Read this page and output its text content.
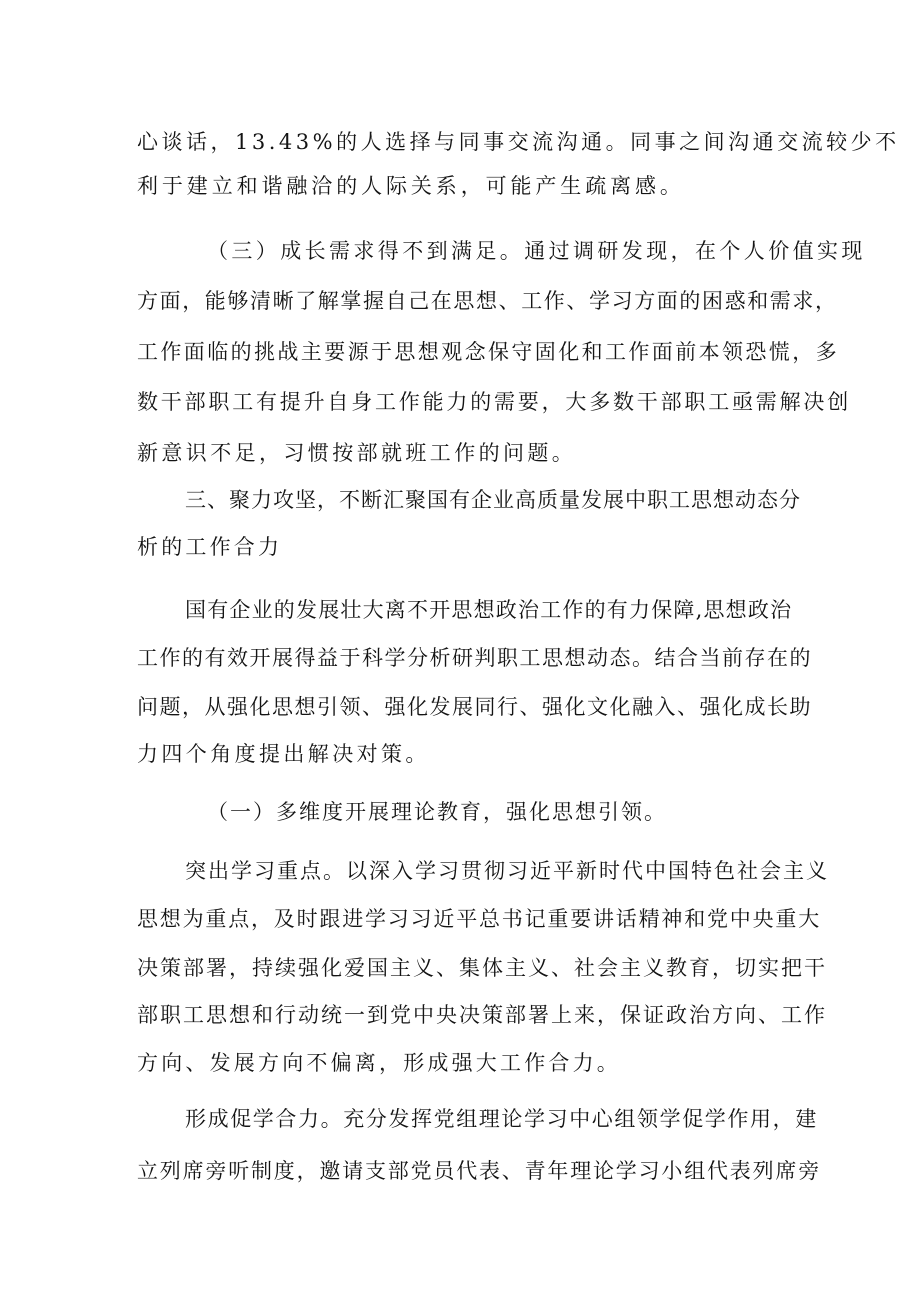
心谈话，13.43%的人选择与同事交流沟通。同事之间沟通交流较少不
利于建立和谐融洽的人际关系，可能产生疏离感。
（三）成长需求得不到满足。通过调研发现，在个人价值实现
方面，能够清晰了解掌握自己在思想、工作、学习方面的困惑和需求，
工作面临的挑战主要源于思想观念保守固化和工作面前本领恐慌，多
数干部职工有提升自身工作能力的需要，大多数干部职工亟需解决创
新意识不足，习惯按部就班工作的问题。
三、聚力攻坚，不断汇聚国有企业高质量发展中职工思想动态分
析的工作合力
国有企业的发展壮大离不开思想政治工作的有力保障,思想政治
工作的有效开展得益于科学分析研判职工思想动态。结合当前存在的
问题，从强化思想引领、强化发展同行、强化文化融入、强化成长助
力四个角度提出解决对策。
（一）多维度开展理论教育，强化思想引领。
突出学习重点。以深入学习贯彻习近平新时代中国特色社会主义
思想为重点，及时跟进学习习近平总书记重要讲话精神和党中央重大
决策部署，持续强化爱国主义、集体主义、社会主义教育，切实把干
部职工思想和行动统一到党中央决策部署上来，保证政治方向、工作
方向、发展方向不偏离，形成强大工作合力。
形成促学合力。充分发挥党组理论学习中心组领学促学作用，建
立列席旁听制度，邀请支部党员代表、青年理论学习小组代表列席旁
